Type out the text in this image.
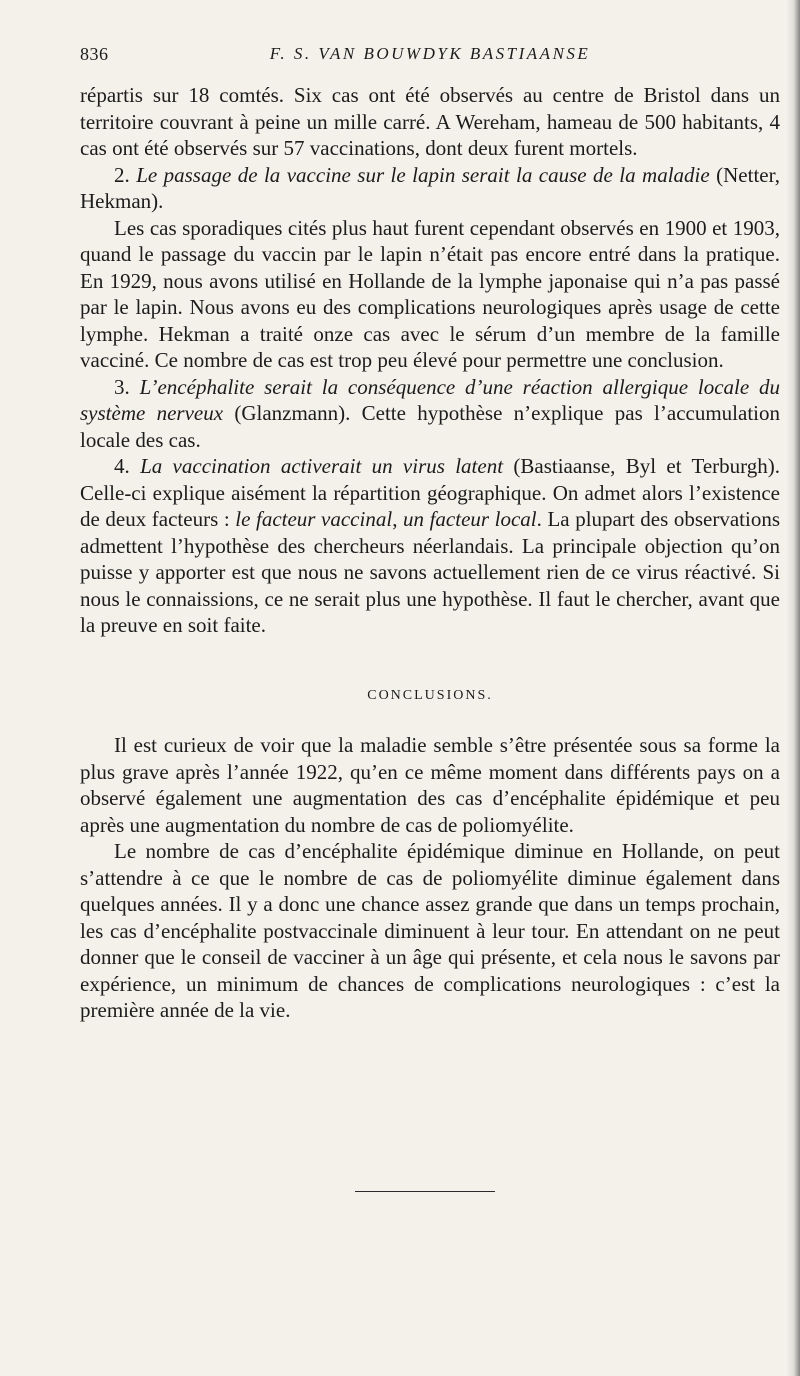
836	F. S. VAN BOUWDYK BASTIAANSE

répartis sur 18 comtés. Six cas ont été observés au centre de Bristol dans un territoire couvrant à peine un mille carré. A Wereham, hameau de 500 habitants, 4 cas ont été observés sur 57 vaccinations, dont deux furent mortels.

2. Le passage de la vaccine sur le lapin serait la cause de la maladie (Netter, Hekman).

Les cas sporadiques cités plus haut furent cependant observés en 1900 et 1903, quand le passage du vaccin par le lapin n’était pas encore entré dans la pratique. En 1929, nous avons utilisé en Hollande de la lymphe japonaise qui n’a pas passé par le lapin. Nous avons eu des complications neurologiques après usage de cette lymphe. Hekman a traité onze cas avec le sérum d’un membre de la famille vacciné. Ce nombre de cas est trop peu élevé pour permettre une conclusion.

3. L’encéphalite serait la conséquence d’une réaction allergique locale du système nerveux (Glanzmann). Cette hypothèse n’explique pas l’accumulation locale des cas.

4. La vaccination activerait un virus latent (Bastiaanse, Byl et Terburgh). Celle-ci explique aisément la répartition géographique. On admet alors l’existence de deux facteurs : le facteur vaccinal, un facteur local. La plupart des observations admettent l’hypothèse des chercheurs néerlandais. La principale objection qu’on puisse y apporter est que nous ne savons actuellement rien de ce virus réactivé. Si nous le connaissions, ce ne serait plus une hypothèse. Il faut le chercher, avant que la preuve en soit faite.

CONCLUSIONS.

Il est curieux de voir que la maladie semble s’être présentée sous sa forme la plus grave après l’année 1922, qu’en ce même moment dans différents pays on a observé également une augmentation des cas d’encéphalite épidémique et peu après une augmentation du nombre de cas de poliomyélite.

Le nombre de cas d’encéphalite épidémique diminue en Hollande, on peut s’attendre à ce que le nombre de cas de poliomyélite diminue également dans quelques années. Il y a donc une chance assez grande que dans un temps prochain, les cas d’encéphalite postvaccinale diminuent à leur tour. En attendant on ne peut donner que le conseil de vacciner à un âge qui présente, et cela nous le savons par expérience, un minimum de chances de complications neurologiques : c’est la première année de la vie.
